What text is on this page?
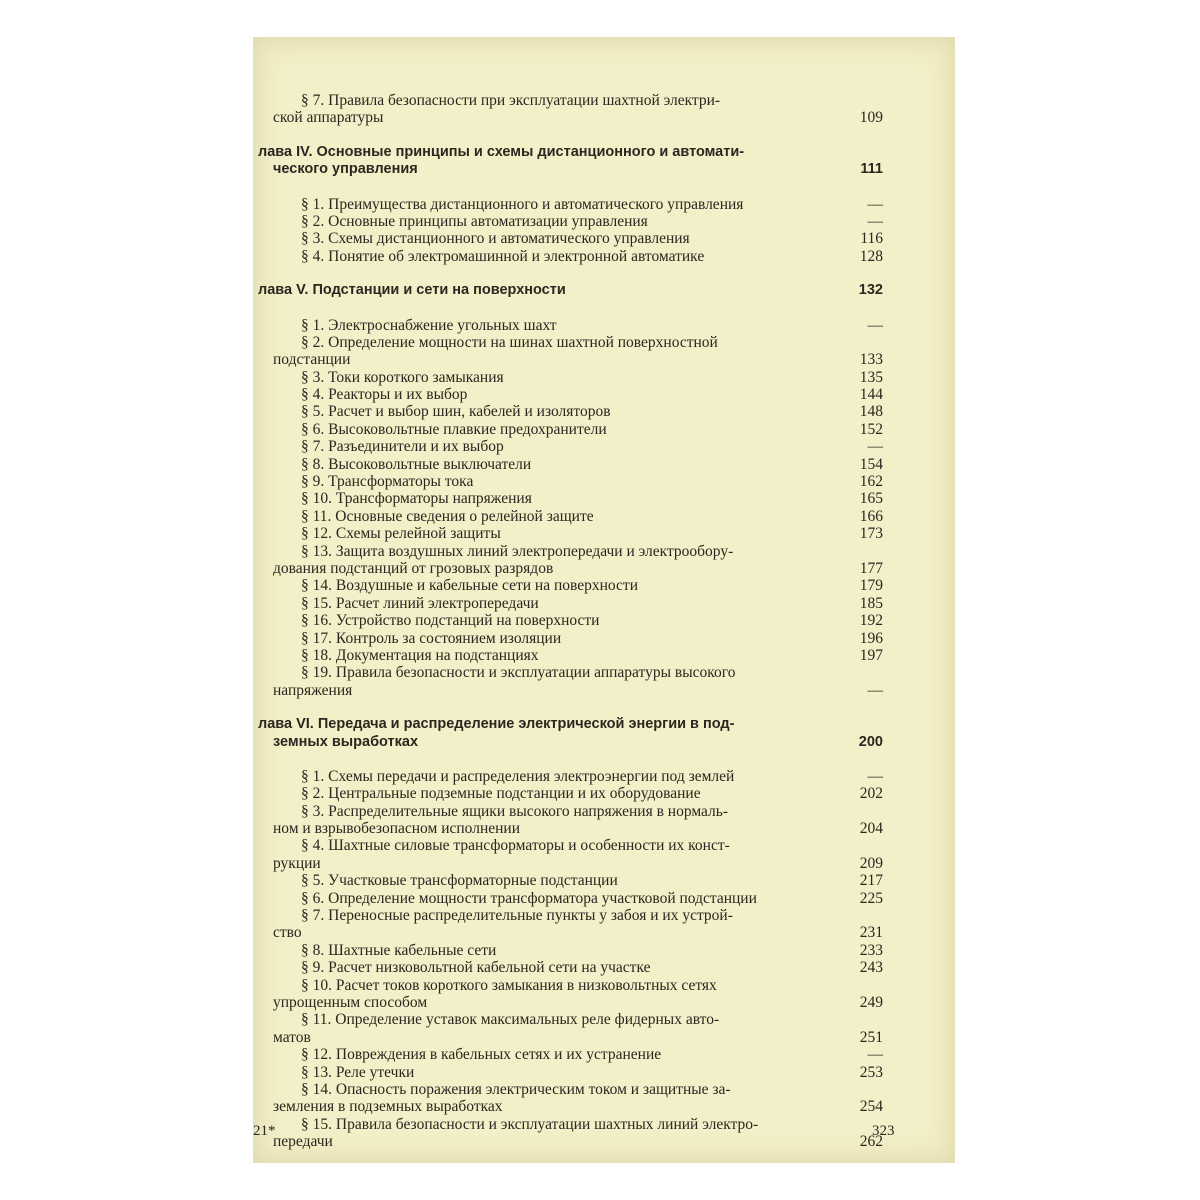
§ 7. Правила безопасности при эксплуатации шахтной электри-
ской аппаратуры	109
лава IV. Основные принципы и схемы дистанционного и автомати-
ческого управления	111
§ 1. Преимущества дистанционного и автоматического управления	—
§ 2. Основные принципы автоматизации управления	—
§ 3. Схемы дистанционного и автоматического управления	116
§ 4. Понятие об электромашинной и электронной автоматике	128
лава V. Подстанции и сети на поверхности	132
§ 1. Электроснабжение угольных шахт	—
§ 2. Определение мощности на шинах шахтной поверхностной
подстанции	133
§ 3. Токи короткого замыкания	135
§ 4. Реакторы и их выбор	144
§ 5. Расчет и выбор шин, кабелей и изоляторов	148
§ 6. Высоковольтные плавкие предохранители	152
§ 7. Разъединители и их выбор	—
§ 8. Высоковольтные выключатели	154
§ 9. Трансформаторы тока	162
§ 10. Трансформаторы напряжения	165
§ 11. Основные сведения о релейной защите	166
§ 12. Схемы релейной защиты	173
§ 13. Защита воздушных линий электропередачи и электрообору-
дования подстанций от грозовых разрядов	177
§ 14. Воздушные и кабельные сети на поверхности	179
§ 15. Расчет линий электропередачи	185
§ 16. Устройство подстанций на поверхности	192
§ 17. Контроль за состоянием изоляции	196
§ 18. Документация на подстанциях	197
§ 19. Правила безопасности и эксплуатации аппаратуры высокого
напряжения	—
лава VI. Передача и распределение электрической энергии в под-
земных выработках	200
§ 1. Схемы передачи и распределения электроэнергии под землей	—
§ 2. Центральные подземные подстанции и их оборудование	202
§ 3. Распределительные ящики высокого напряжения в нормаль-
ном и взрывобезопасном исполнении	204
§ 4. Шахтные силовые трансформаторы и особенности их конст-
рукции	209
§ 5. Участковые трансформаторные подстанции	217
§ 6. Определение мощности трансформатора участковой подстанции	225
§ 7. Переносные распределительные пункты у забоя и их устрой-
ство	231
§ 8. Шахтные кабельные сети	233
§ 9. Расчет низковольтной кабельной сети на участке	243
§ 10. Расчет токов короткого замыкания в низковольтных сетях
упрощенным способом	249
§ 11. Определение уставок максимальных реле фидерных авто-
матов	251
§ 12. Повреждения в кабельных сетях и их устранение	—
§ 13. Реле утечки	253
§ 14. Опасность поражения электрическим током и защитные за-
земления в подземных выработках	254
§ 15. Правила безопасности и эксплуатации шахтных линий электро-
передачи	262
21*	323
